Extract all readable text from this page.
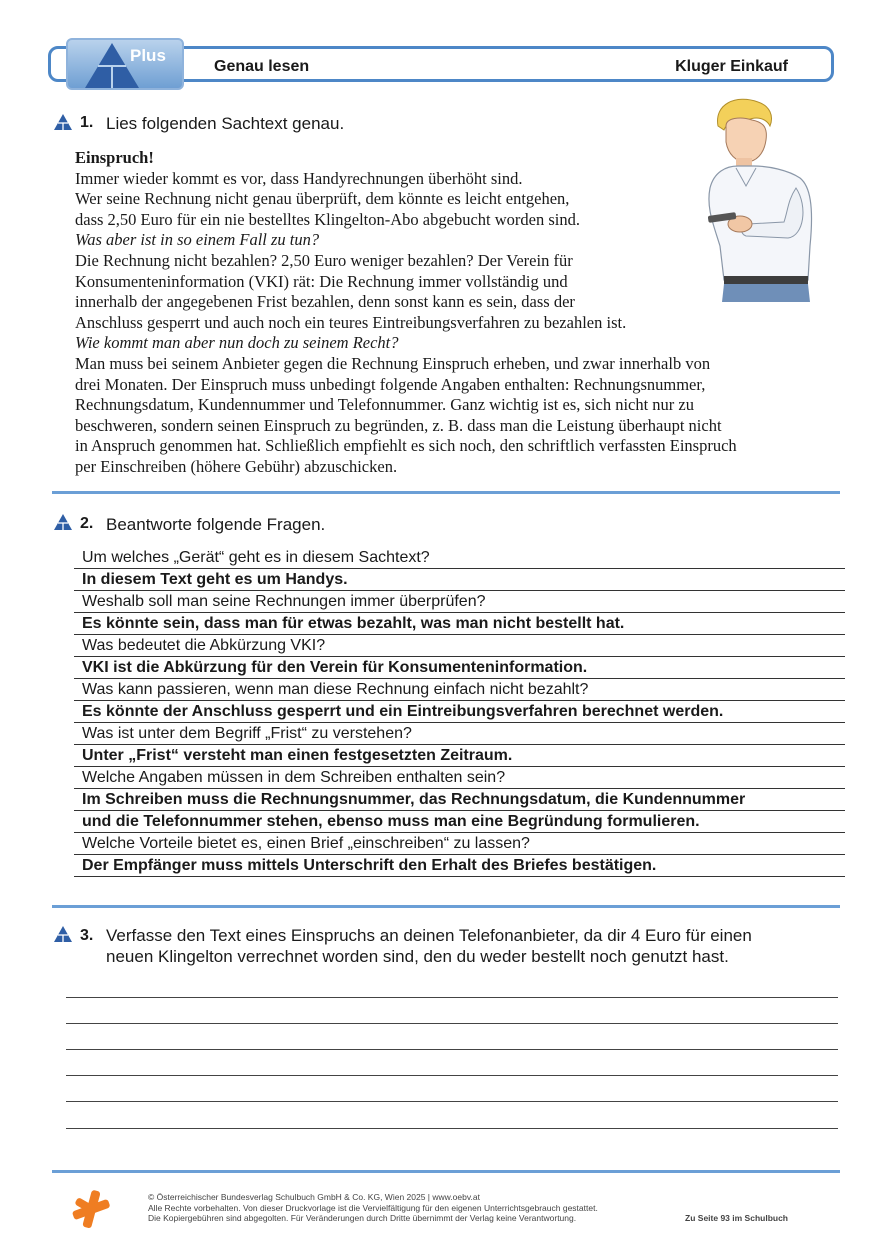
Plus
Genau lesen	Kluger Einkauf
1. Lies folgenden Sachtext genau.
Einspruch!
Immer wieder kommt es vor, dass Handyrechnungen überhöht sind.
Wer seine Rechnung nicht genau überprüft, dem könnte es leicht entgehen,
dass 2,50 Euro für ein nie bestelltes Klingelton-Abo abgebucht worden sind.
Was aber ist in so einem Fall zu tun?
Die Rechnung nicht bezahlen? 2,50 Euro weniger bezahlen? Der Verein für
Konsumenteninformation (VKI) rät: Die Rechnung immer vollständig und
innerhalb der angegebenen Frist bezahlen, denn sonst kann es sein, dass der
Anschluss gesperrt und auch noch ein teures Eintreibungsverfahren zu bezahlen ist.
Wie kommt man aber nun doch zu seinem Recht?
Man muss bei seinem Anbieter gegen die Rechnung Einspruch erheben, und zwar innerhalb von
drei Monaten. Der Einspruch muss unbedingt folgende Angaben enthalten: Rechnungsnummer,
Rechnungsdatum, Kundennummer und Telefonnummer. Ganz wichtig ist es, sich nicht nur zu
beschweren, sondern seinen Einspruch zu begründen, z. B. dass man die Leistung überhaupt nicht
in Anspruch genommen hat. Schließlich empfiehlt es sich noch, den schriftlich verfassten Einspruch
per Einschreiben (höhere Gebühr) abzuschicken.
2. Beantworte folgende Fragen.
Um welches „Gerät“ geht es in diesem Sachtext?
In diesem Text geht es um Handys.
Weshalb soll man seine Rechnungen immer überprüfen?
Es könnte sein, dass man für etwas bezahlt, was man nicht bestellt hat.
Was bedeutet die Abkürzung VKI?
VKI ist die Abkürzung für den Verein für Konsumenteninformation.
Was kann passieren, wenn man diese Rechnung einfach nicht bezahlt?
Es könnte der Anschluss gesperrt und ein Eintreibungsverfahren berechnet werden.
Was ist unter dem Begriff „Frist“ zu verstehen?
Unter „Frist“ versteht man einen festgesetzten Zeitraum.
Welche Angaben müssen in dem Schreiben enthalten sein?
Im Schreiben muss die Rechnungsnummer, das Rechnungsdatum, die Kundennummer
und die Telefonnummer stehen, ebenso muss man eine Begründung formulieren.
Welche Vorteile bietet es, einen Brief „einschreiben“ zu lassen?
Der Empfänger muss mittels Unterschrift den Erhalt des Briefes bestätigen.
3. Verfasse den Text eines Einspruchs an deinen Telefonanbieter, da dir 4 Euro für einen
neuen Klingelton verrechnet worden sind, den du weder bestellt noch genutzt hast.
© Österreichischer Bundesverlag Schulbuch GmbH & Co. KG, Wien 2025 | www.oebv.at
Alle Rechte vorbehalten. Von dieser Druckvorlage ist die Vervielfältigung für den eigenen Unterrichtsgebrauch gestattet.
Die Kopiergebühren sind abgegolten. Für Veränderungen durch Dritte übernimmt der Verlag keine Verantwortung.	Zu Seite 93 im Schulbuch
